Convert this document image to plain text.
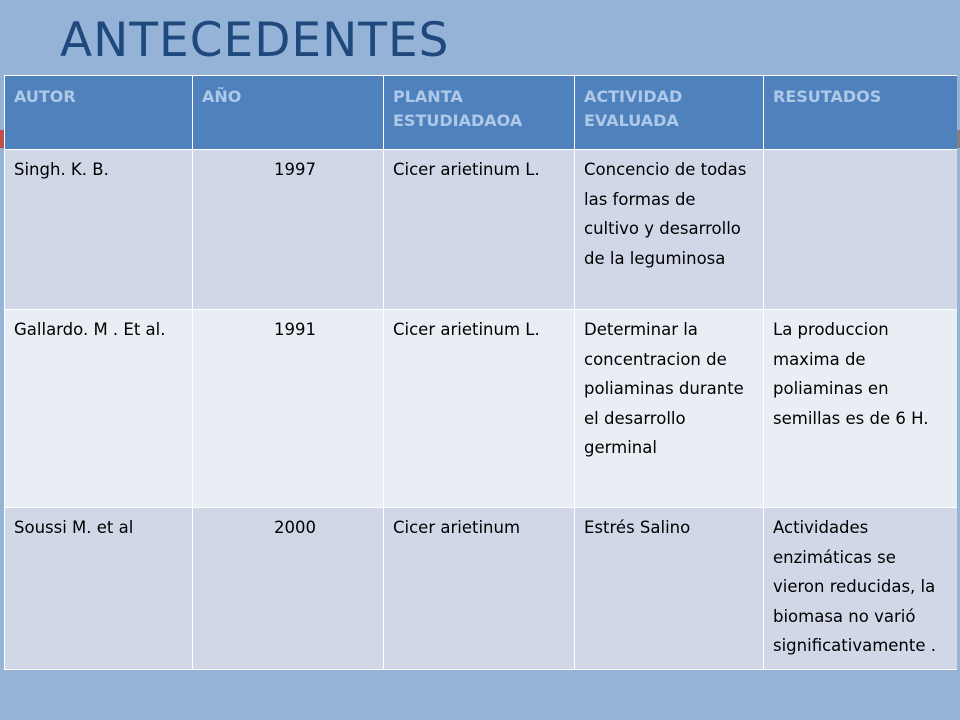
ANTECEDENTES
AUTOR	AÑO	PLANTA ESTUDIADAOA	ACTIVIDAD EVALUADA	RESUTADOS
Singh. K. B.	1997	Cicer arietinum L.	Concencio de todas las formas de cultivo y desarrollo de la leguminosa	
Gallardo. M . Et al.	1991	Cicer arietinum L.	Determinar la concentracion de poliaminas durante el desarrollo germinal	La produccion maxima de poliaminas en semillas es de 6 H.
Soussi M. et al	2000	Cicer arietinum	Estrés Salino	Actividades enzimáticas se vieron reducidas, la biomasa no varió significativamente .
